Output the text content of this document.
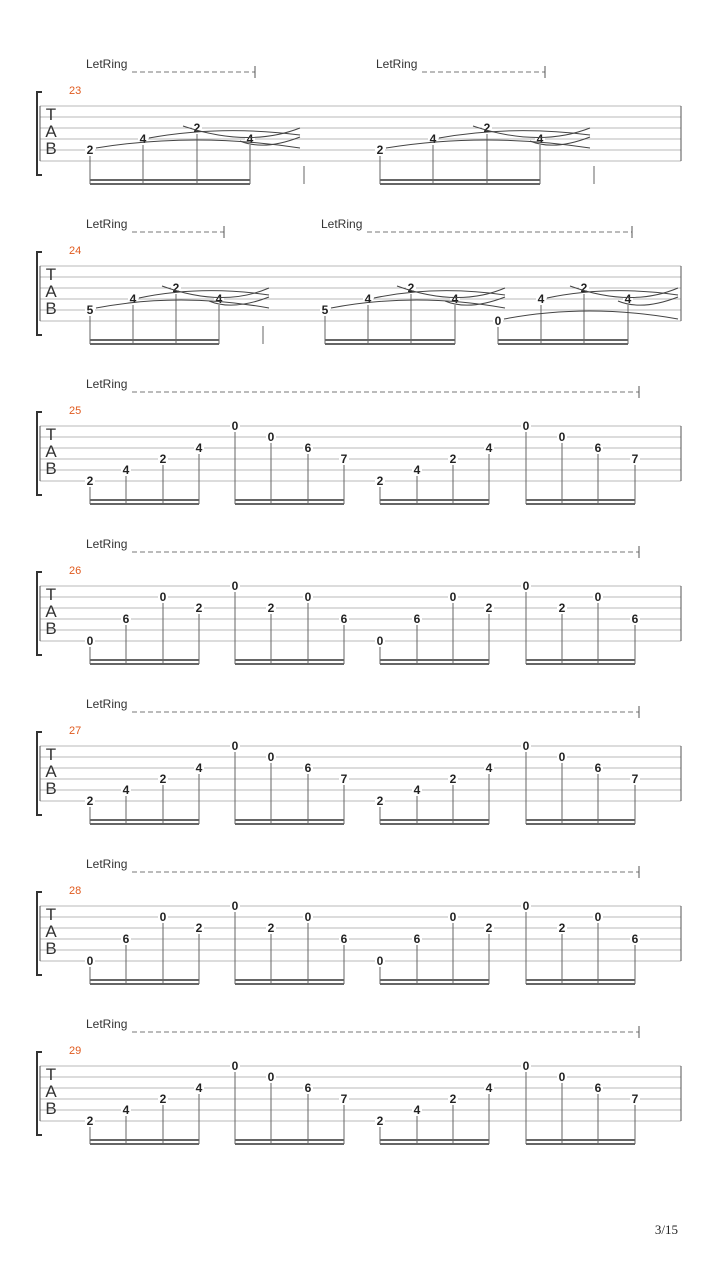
LetRing	LetRing
23
T
A
B 2
4
2
4
2
4
2
4
LetRing	LetRing
24
T
A
B 5
4
2
4
5
4
2
4
0
4
2
4
LetRing
25
T
A
B
2
4
2
4
0
0
6
7
2
4
2
4
0
0
6
7
LetRing
26
T
A
B
0
6
0
2
0
2
0
6
0
6
0
2
0
2
0
6
LetRing
27
T
A
B
2
4
2
4
0
0
6
7
2
4
2
4
0
0
6
7
LetRing
28
T
A
B
0
6
0
2
0
2
0
6
0
6
0
2
0
2
0
6
LetRing
29
T
A
B
2
4
2
4
0
0
6
7
2
4
2
4
0
0
6
7
3/15
